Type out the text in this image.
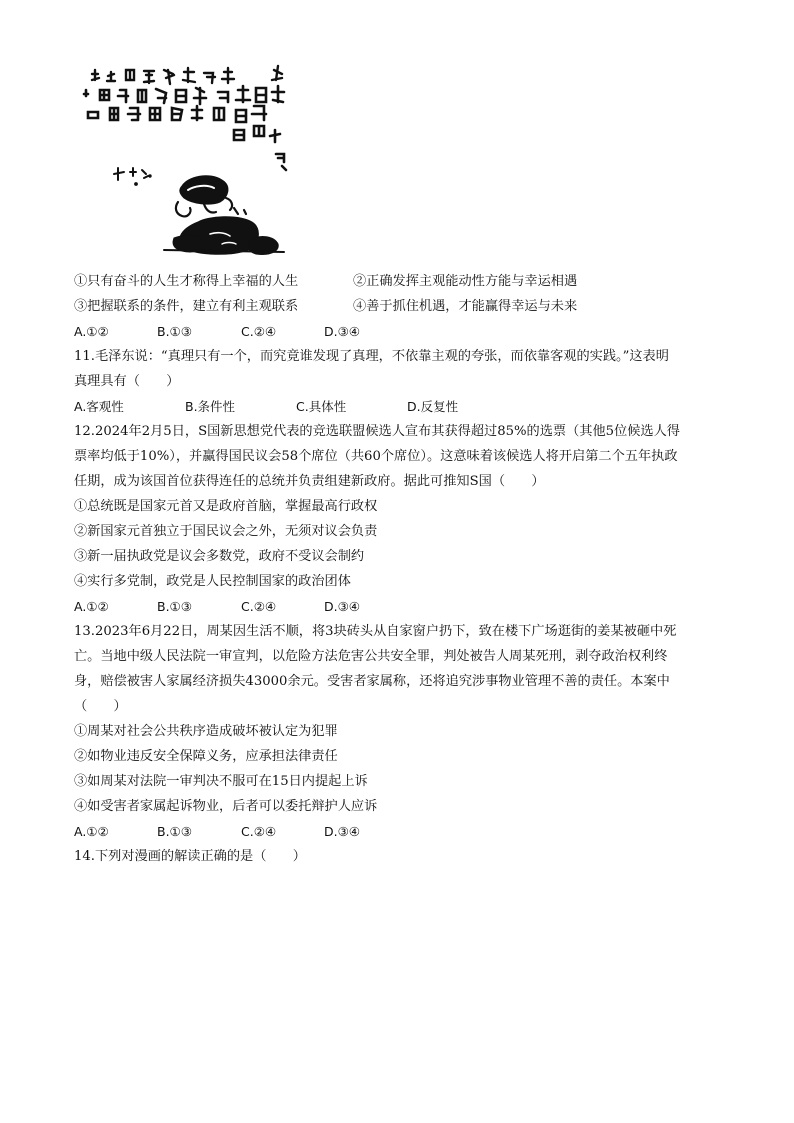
①只有奋斗的人生才称得上幸福的人生	②正确发挥主观能动性方能与幸运相遇
③把握联系的条件，建立有利主观联系	④善于抓住机遇，才能赢得幸运与未来
A.①②	B.①③	C.②④	D.③④
11.毛泽东说：“真理只有一个，而究竟谁发现了真理，不依靠主观的夸张，而依靠客观的实践。”这表明
真理具有（　　）
A.客观性	B.条件性	C.具体性	D.反复性
12.2024年2月5日，S国新思想党代表的竞选联盟候选人宣布其获得超过85%的选票（其他5位候选人得
票率均低于10%），并赢得国民议会58个席位（共60个席位）。这意味着该候选人将开启第二个五年执政
任期，成为该国首位获得连任的总统并负责组建新政府。据此可推知S国（　　）
①总统既是国家元首又是政府首脑，掌握最高行政权
②新国家元首独立于国民议会之外，无须对议会负责
③新一届执政党是议会多数党，政府不受议会制约
④实行多党制，政党是人民控制国家的政治团体
A.①②	B.①③	C.②④	D.③④
13.2023年6月22日，周某因生活不顺，将3块砖头从自家窗户扔下，致在楼下广场逛街的姜某被砸中死
亡。当地中级人民法院一审宣判，以危险方法危害公共安全罪，判处被告人周某死刑，剥夺政治权利终
身，赔偿被害人家属经济损失43000余元。受害者家属称，还将追究涉事物业管理不善的责任。本案中
（　　）
①周某对社会公共秩序造成破坏被认定为犯罪
②如物业违反安全保障义务，应承担法律责任
③如周某对法院一审判决不服可在15日内提起上诉
④如受害者家属起诉物业，后者可以委托辩护人应诉
A.①②	B.①③	C.②④	D.③④
14.下列对漫画的解读正确的是（　　）
